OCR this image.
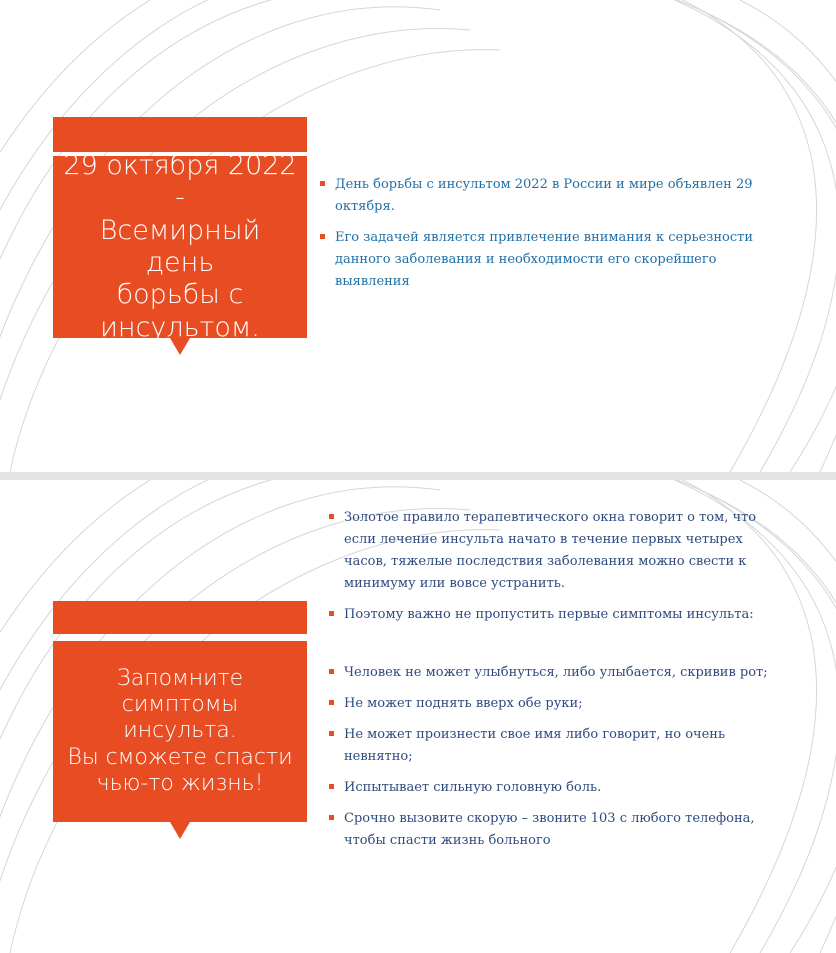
29 октября 2022 -
Всемирный день
борьбы с
инсультом.
День борьбы с инсультом 2022 в России и мире объявлен 29 октября.
Его задачей является привлечение внимания к серьезности данного заболевания и необходимости его скорейшего выявления
Запомните
симптомы
инсульта.
Вы сможете спасти
чью-то жизнь!
Золотое правило терапевтического окна говорит о том, что если лечение инсульта начато в течение первых четырех часов, тяжелые последствия заболевания можно свести к минимуму или вовсе устранить.
Поэтому важно не пропустить первые симптомы инсульта:
Человек не может улыбнуться, либо улыбается, скривив рот;
Не может поднять вверх обе руки;
Не может произнести свое имя либо говорит, но очень невнятно;
Испытывает сильную головную боль.
Срочно вызовите скорую – звоните 103 с любого телефона, чтобы спасти жизнь больного
